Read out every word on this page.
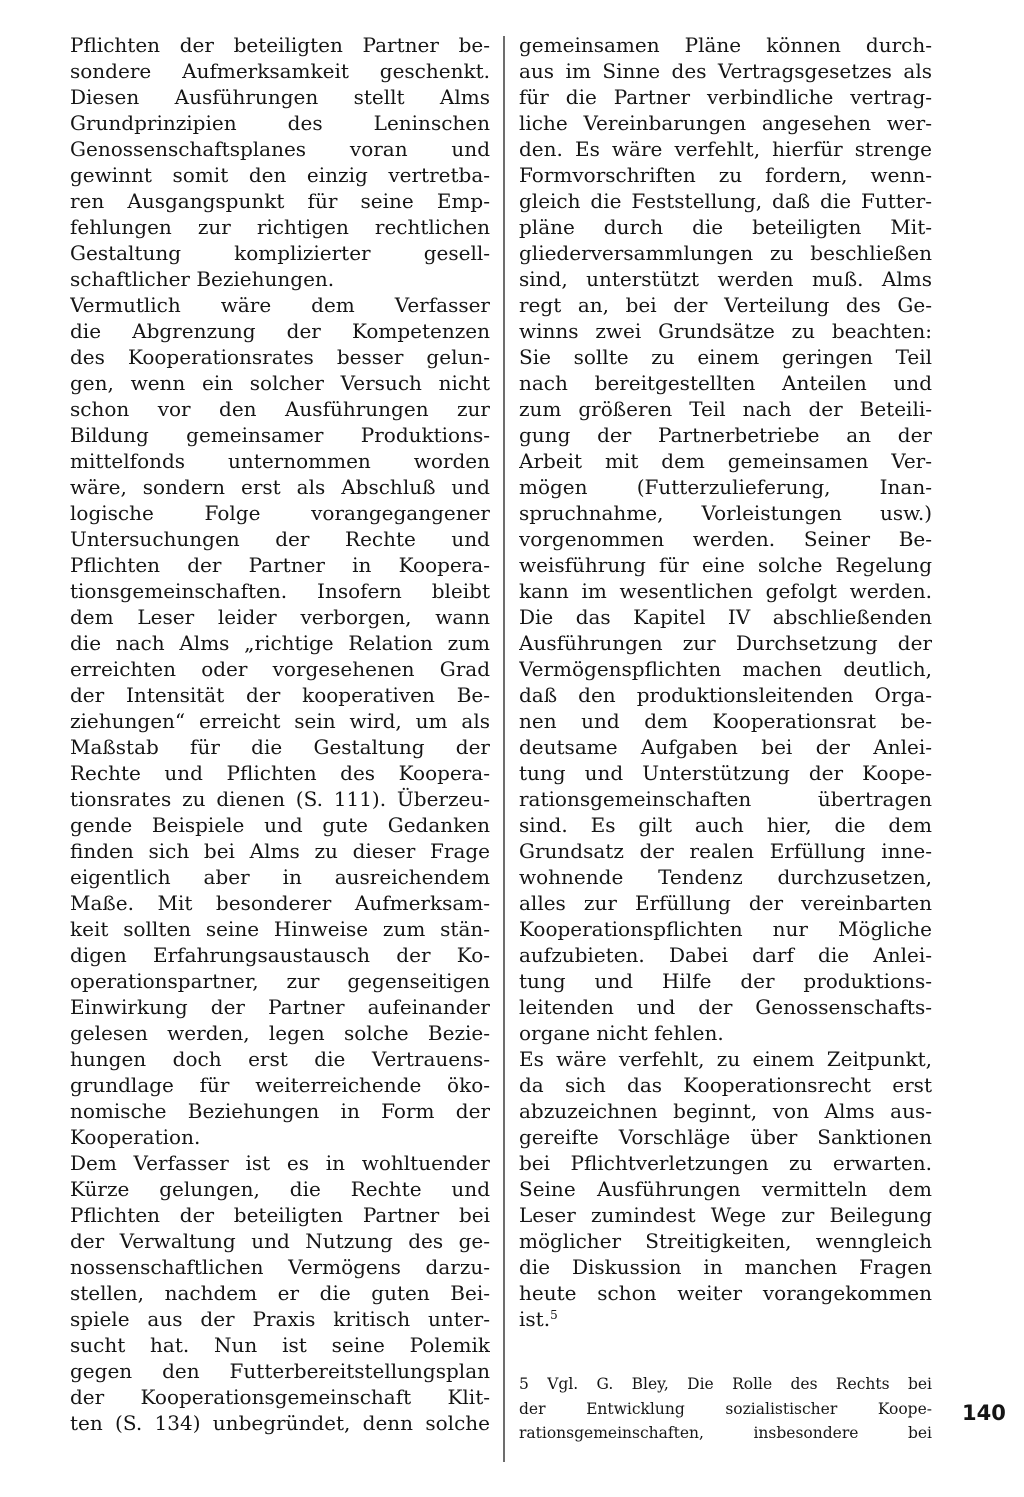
Pflichten der beteiligten Partner be-
sondere Aufmerksamkeit geschenkt.
Diesen Ausführungen stellt Alms
Grundprinzipien des Leninschen
Genossenschaftsplanes voran und
gewinnt somit den einzig vertretba-
ren Ausgangspunkt für seine Emp-
fehlungen zur richtigen rechtlichen
Gestaltung komplizierter gesell-
schaftlicher Beziehungen.
Vermutlich wäre dem Verfasser
die Abgrenzung der Kompetenzen
des Kooperationsrates besser gelun-
gen, wenn ein solcher Versuch nicht
schon vor den Ausführungen zur
Bildung gemeinsamer Produktions-
mittelfonds unternommen worden
wäre, sondern erst als Abschluß und
logische Folge vorangegangener
Untersuchungen der Rechte und
Pflichten der Partner in Koopera-
tionsgemeinschaften. Insofern bleibt
dem Leser leider verborgen, wann
die nach Alms „richtige Relation zum
erreichten oder vorgesehenen Grad
der Intensität der kooperativen Be-
ziehungen“ erreicht sein wird, um als
Maßstab für die Gestaltung der
Rechte und Pflichten des Koopera-
tionsrates zu dienen (S. 111). Überzeu-
gende Beispiele und gute Gedanken
finden sich bei Alms zu dieser Frage
eigentlich aber in ausreichendem
Maße. Mit besonderer Aufmerksam-
keit sollten seine Hinweise zum stän-
digen Erfahrungsaustausch der Ko-
operationspartner, zur gegenseitigen
Einwirkung der Partner aufeinander
gelesen werden, legen solche Bezie-
hungen doch erst die Vertrauens-
grundlage für weiterreichende öko-
nomische Beziehungen in Form der
Kooperation.
Dem Verfasser ist es in wohltuender
Kürze gelungen, die Rechte und
Pflichten der beteiligten Partner bei
der Verwaltung und Nutzung des ge-
nossenschaftlichen Vermögens darzu-
stellen, nachdem er die guten Bei-
spiele aus der Praxis kritisch unter-
sucht hat. Nun ist seine Polemik
gegen den Futterbereitstellungsplan
der Kooperationsgemeinschaft Klit-
ten (S. 134) unbegründet, denn solche
gemeinsamen Pläne können durch-
aus im Sinne des Vertragsgesetzes als
für die Partner verbindliche vertrag-
liche Vereinbarungen angesehen wer-
den. Es wäre verfehlt, hierfür strenge
Formvorschriften zu fordern, wenn-
gleich die Feststellung, daß die Futter-
pläne durch die beteiligten Mit-
gliederversammlungen zu beschließen
sind, unterstützt werden muß. Alms
regt an, bei der Verteilung des Ge-
winns zwei Grundsätze zu beachten:
Sie sollte zu einem geringen Teil
nach bereitgestellten Anteilen und
zum größeren Teil nach der Beteili-
gung der Partnerbetriebe an der
Arbeit mit dem gemeinsamen Ver-
mögen (Futterzulieferung, Inan-
spruchnahme, Vorleistungen usw.)
vorgenommen werden. Seiner Be-
weisführung für eine solche Regelung
kann im wesentlichen gefolgt werden.
Die das Kapitel IV abschließenden
Ausführungen zur Durchsetzung der
Vermögenspflichten machen deutlich,
daß den produktionsleitenden Orga-
nen und dem Kooperationsrat be-
deutsame Aufgaben bei der Anlei-
tung und Unterstützung der Koope-
rationsgemeinschaften übertragen
sind. Es gilt auch hier, die dem
Grundsatz der realen Erfüllung inne-
wohnende Tendenz durchzusetzen,
alles zur Erfüllung der vereinbarten
Kooperationspflichten nur Mögliche
aufzubieten. Dabei darf die Anlei-
tung und Hilfe der produktions-
leitenden und der Genossenschafts-
organe nicht fehlen.
Es wäre verfehlt, zu einem Zeitpunkt,
da sich das Kooperationsrecht erst
abzuzeichnen beginnt, von Alms aus-
gereifte Vorschläge über Sanktionen
bei Pflichtverletzungen zu erwarten.
Seine Ausführungen vermitteln dem
Leser zumindest Wege zur Beilegung
möglicher Streitigkeiten, wenngleich
die Diskussion in manchen Fragen
heute schon weiter vorangekommen
ist.$^5$
5 Vgl. G. Bley, Die Rolle des Rechts bei
der Entwicklung sozialistischer Koope-
rationsgemeinschaften, insbesondere bei
140
